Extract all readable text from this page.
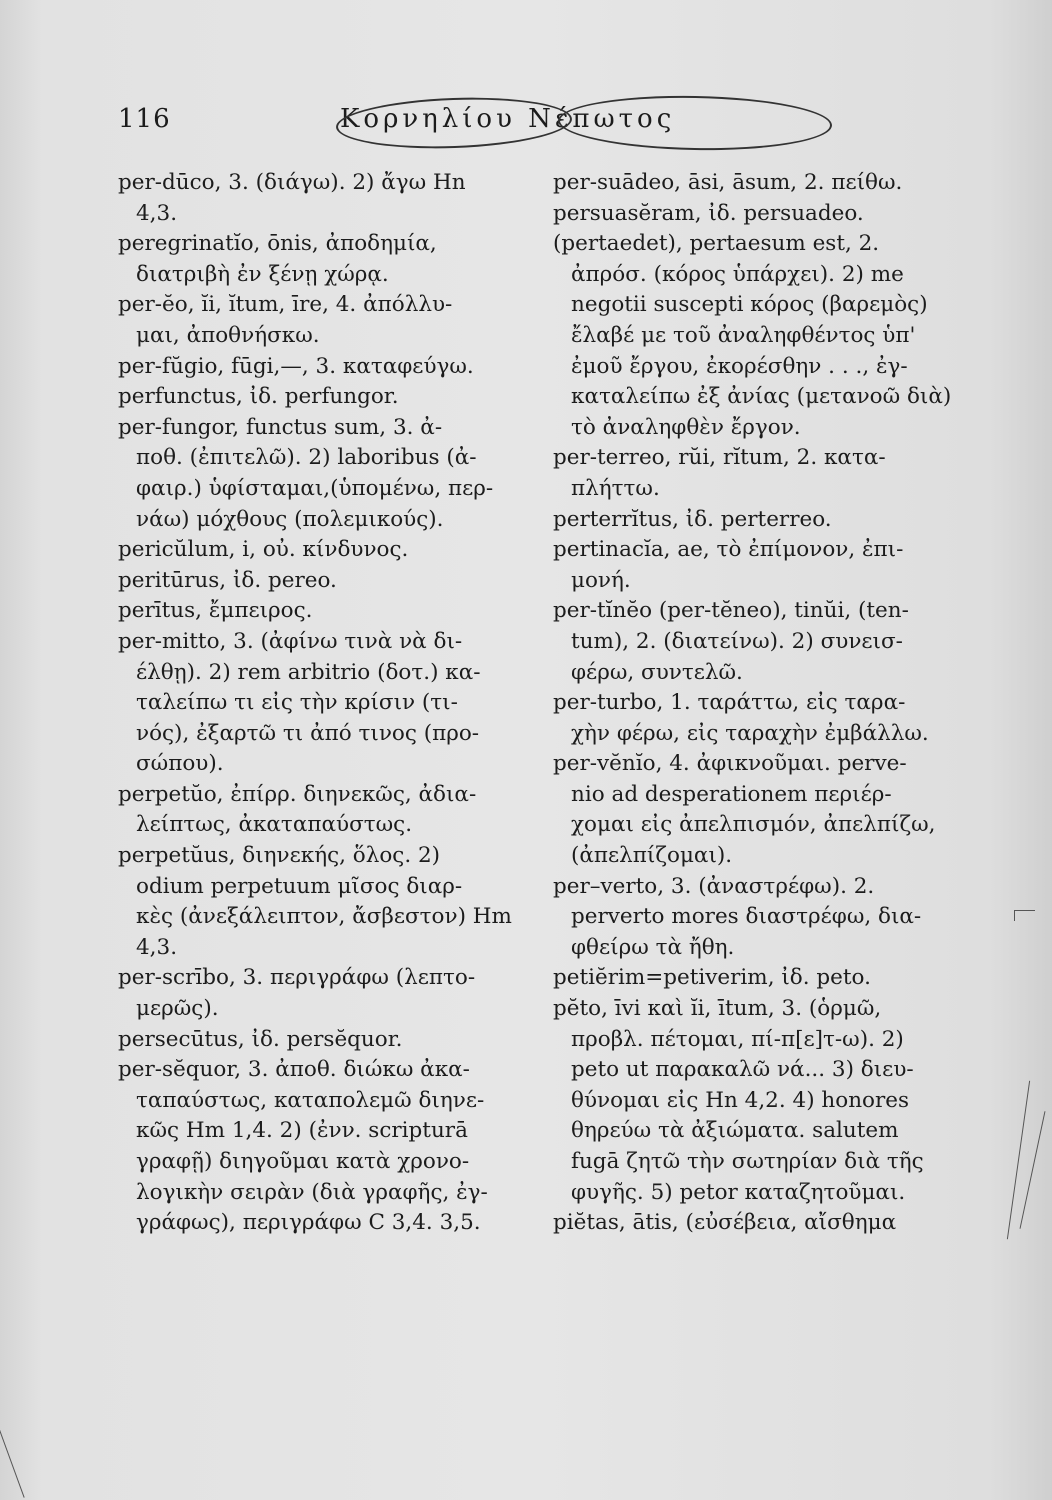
116	Κορνηλίου Νέπωτος
per-dūco, 3. (διάγω). 2) ἄγω Hn
4,3.
peregrinatĭo, ōnis, ἀποδημία,
διατριβὴ ἐν ξένῃ χώρᾳ.
per-ĕo, ĭi, ĭtum, īre, 4. ἀπόλλυ-
μαι, ἀποθνήσκω.
per-fŭgio, fūgi,—, 3. καταφεύγω.
perfunctus, ἰδ. perfungor.
per-fungor, functus sum, 3. ἀ-
ποθ. (ἐπιτελῶ). 2) laboribus (ἀ-
φαιρ.) ὑφίσταμαι,(ὑπομένω, περ-
νάω) μόχθους (πολεμικούς).
pericŭlum, i, οὐ. κίνδυνος.
peritūrus, ἰδ. pereo.
perītus, ἔμπειρος.
per-mitto, 3. (ἀφίνω τινὰ νὰ δι-
έλθῃ). 2) rem arbitrio (δοτ.) κα-
ταλείπω τι εἰς τὴν κρίσιν (τι-
νός), ἐξαρτῶ τι ἀπό τινος (προ-
σώπου).
perpetŭo, ἐπίρρ. διηνεκῶς, ἀδια-
λείπτως, ἀκαταπαύστως.
perpetŭus, διηνεκής, ὅλος. 2)
odium perpetuum μῖσος διαρ-
κὲς (ἀνεξάλειπτον, ἄσβεστον) Hm
4,3.
per-scrībo, 3. περιγράφω (λεπτο-
μερῶς).
persecūtus, ἰδ. persĕquor.
per-sĕquor, 3. ἀποθ. διώκω ἀκα-
ταπαύστως, καταπολεμῶ διηνε-
κῶς Hm 1,4. 2) (ἐνν. scripturā
γραφῇ) διηγοῦμαι κατὰ χρονο-
λογικὴν σειρὰν (διὰ γραφῆς, ἐγ-
γράφως), περιγράφω C 3,4. 3,5.
per-suādeo, āsi, āsum, 2. πείθω.
persuasĕram, ἰδ. persuadeo.
(pertaedet), pertaesum est, 2.
ἀπρόσ. (κόρος ὑπάρχει). 2) me
negotii suscepti κόρος (βαρεμὸς)
ἔλαβέ με τοῦ ἀναληφθέντος ὑπ'
ἐμοῦ ἔργου, ἐκορέσθην . . ., ἐγ-
καταλείπω ἐξ ἀνίας (μετανοῶ διὰ)
τὸ ἀναληφθὲν ἔργον.
per-terreo, rŭi, rĭtum, 2. κατα-
πλήττω.
perterrĭtus, ἰδ. perterreo.
pertinacĭa, ae, τὸ ἐπίμονον, ἐπι-
μονή.
per-tĭnĕo (per-tĕneo), tinŭi, (ten-
tum), 2. (διατείνω). 2) συνεισ-
φέρω, συντελῶ.
per-turbo, 1. ταράττω, εἰς ταρα-
χὴν φέρω, εἰς ταραχὴν ἐμβάλλω.
per-vĕnĭo, 4. ἀφικνοῦμαι. perve-
nio ad desperationem περιέρ-
χομαι εἰς ἀπελπισμόν, ἀπελπίζω,
(ἀπελπίζομαι).
per–verto, 3. (ἀναστρέφω). 2.
perverto mores διαστρέφω, δια-
φθείρω τὰ ἤθη.
petiĕrim=petiverim, ἰδ. peto.
pĕto, īvi καὶ ĭi, ītum, 3. (ὁρμῶ,
προβλ. πέτομαι, πί-π[ε]τ-ω). 2)
peto ut παρακαλῶ νά... 3) διευ-
θύνομαι εἰς Hn 4,2. 4) honores
θηρεύω τὰ ἀξιώματα. salutem
fugā ζητῶ τὴν σωτηρίαν διὰ τῆς
φυγῆς. 5) petor καταζητοῦμαι.
piĕtas, ātis, (εὐσέβεια, αἴσθημα
